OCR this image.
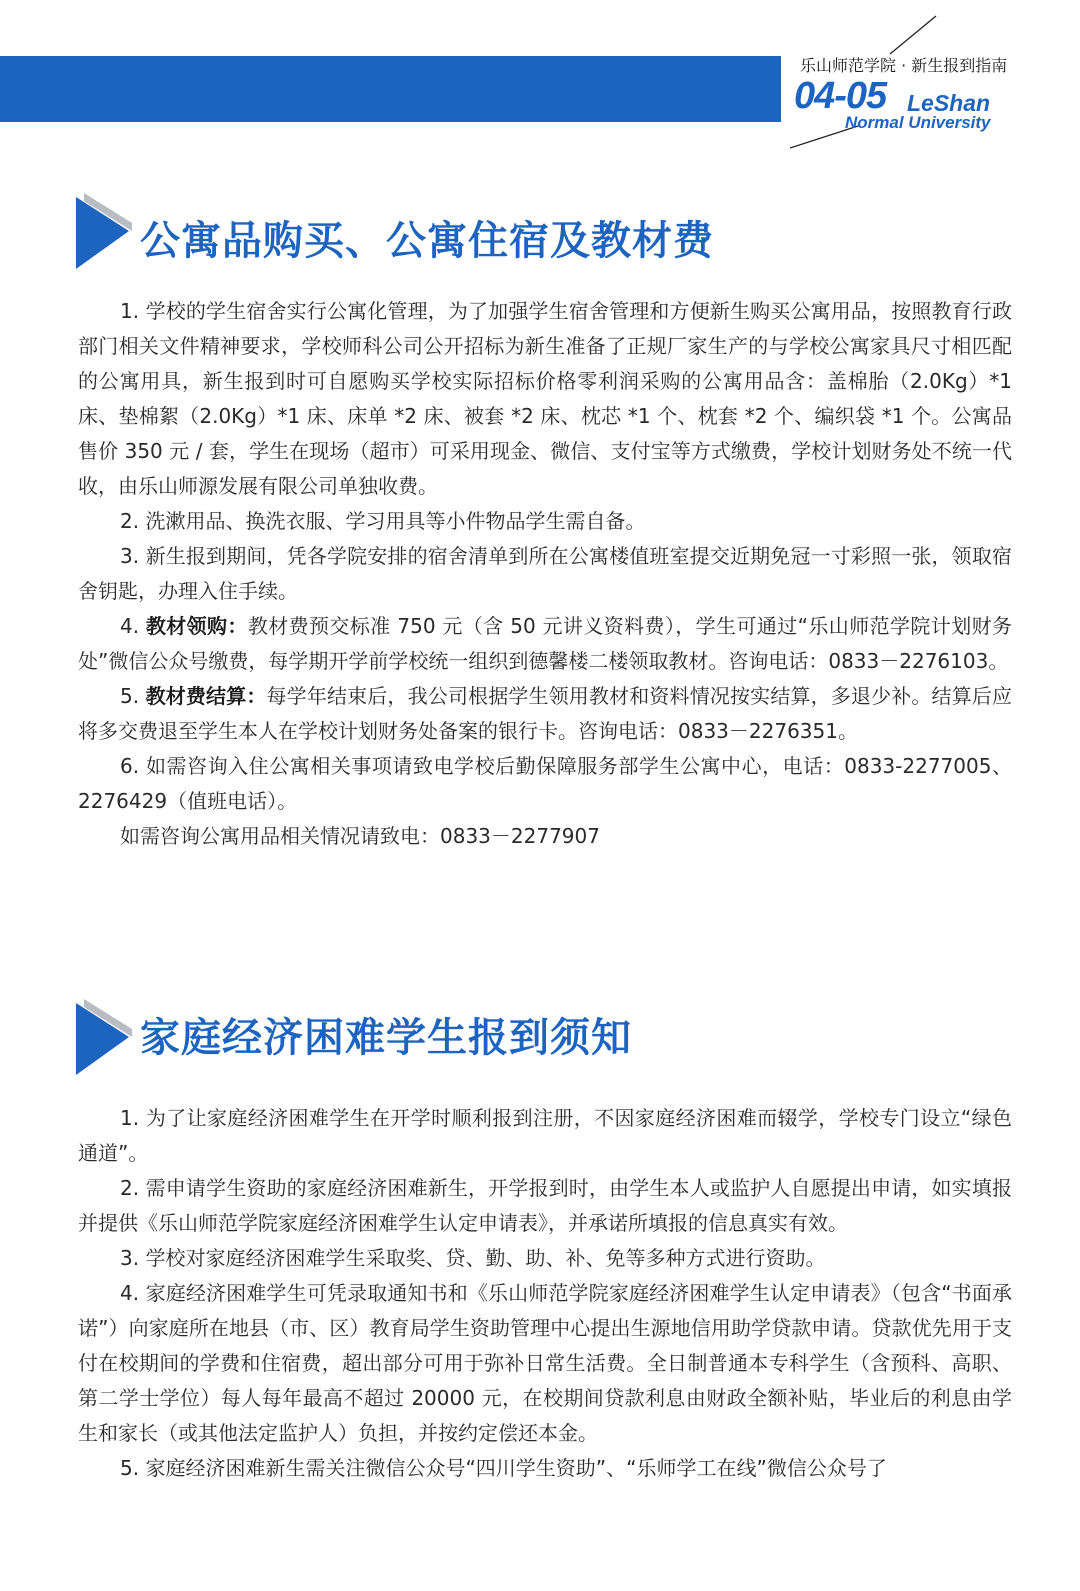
乐山师范学院 · 新生报到指南
04-05 LeShan
Normal University
公寓品购买、公寓住宿及教材费

1. 学校的学生宿舍实行公寓化管理，为了加强学生宿舍管理和方便新生购买公寓用品，按照教育行政部门相关文件精神要求，学校师科公司公开招标为新生准备了正规厂家生产的与学校公寓家具尺寸相匹配的公寓用具，新生报到时可自愿购买学校实际招标价格零利润采购的公寓用品含：盖棉胎（2.0Kg）*1 床、垫棉絮（2.0Kg）*1 床、床单 *2 床、被套 *2 床、枕芯 *1 个、枕套 *2 个、编织袋 *1 个。公寓品售价 350 元 / 套，学生在现场（超市）可采用现金、微信、支付宝等方式缴费，学校计划财务处不统一代收，由乐山师源发展有限公司单独收费。

2. 洗漱用品、换洗衣服、学习用具等小件物品学生需自备。

3. 新生报到期间，凭各学院安排的宿舍清单到所在公寓楼值班室提交近期免冠一寸彩照一张，领取宿舍钥匙，办理入住手续。

4. 教材领购：教材费预交标准 750 元（含 50 元讲义资料费），学生可通过“乐山师范学院计划财务处”微信公众号缴费，每学期开学前学校统一组织到德馨楼二楼领取教材。咨询电话：0833－2276103。

5. 教材费结算：每学年结束后，我公司根据学生领用教材和资料情况按实结算，多退少补。结算后应将多交费退至学生本人在学校计划财务处备案的银行卡。咨询电话：0833－2276351。

6. 如需咨询入住公寓相关事项请致电学校后勤保障服务部学生公寓中心，电话：0833-2277005、2276429（值班电话）。

如需咨询公寓用品相关情况请致电：0833－2277907

家庭经济困难学生报到须知

1. 为了让家庭经济困难学生在开学时顺利报到注册，不因家庭经济困难而辍学，学校专门设立“绿色通道”。

2. 需申请学生资助的家庭经济困难新生，开学报到时，由学生本人或监护人自愿提出申请，如实填报并提供《乐山师范学院家庭经济困难学生认定申请表》，并承诺所填报的信息真实有效。

3. 学校对家庭经济困难学生采取奖、贷、勤、助、补、免等多种方式进行资助。

4. 家庭经济困难学生可凭录取通知书和《乐山师范学院家庭经济困难学生认定申请表》（包含“书面承诺”）向家庭所在地县（市、区）教育局学生资助管理中心提出生源地信用助学贷款申请。贷款优先用于支付在校期间的学费和住宿费，超出部分可用于弥补日常生活费。全日制普通本专科学生（含预科、高职、第二学士学位）每人每年最高不超过 20000 元，在校期间贷款利息由财政全额补贴，毕业后的利息由学生和家长（或其他法定监护人）负担，并按约定偿还本金。

5. 家庭经济困难新生需关注微信公众号“四川学生资助”、“乐师学工在线”微信公众号了
